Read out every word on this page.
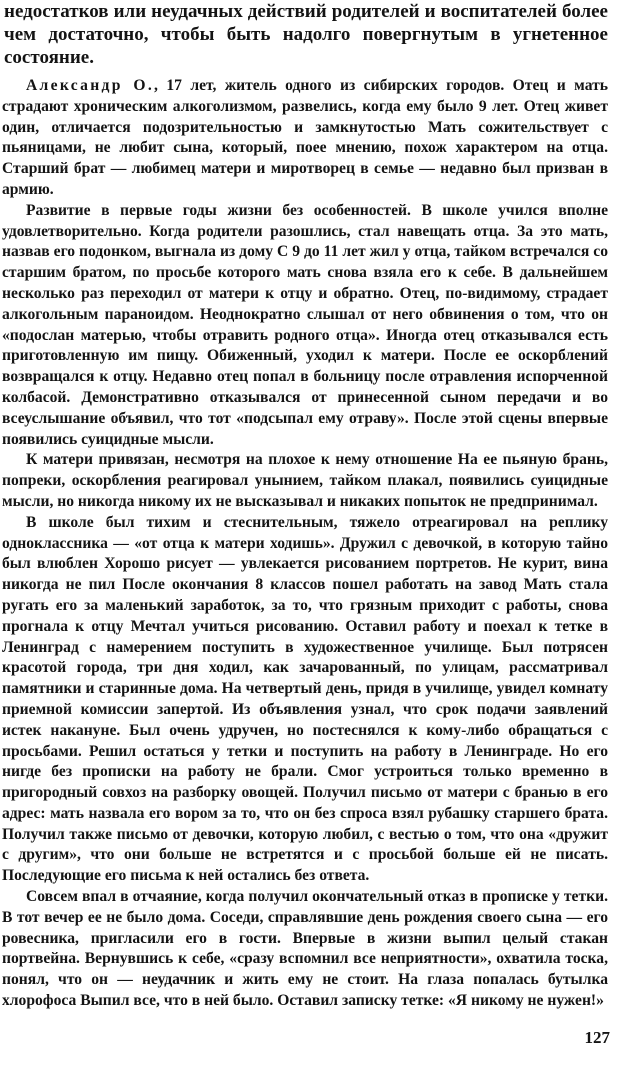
недостатков или неудачных действий родителей и воспитателей более чем достаточно, чтобы быть надолго повергнутым в угнетенное состояние.

Александр О., 17 лет, житель одного из сибирских городов. Отец и мать страдают хроническим алкоголизмом, развелись, когда ему было 9 лет. Отец живет один, отличается подозрительностью и замкнутостью Мать сожительствует с пьяницами, не любит сына, который, поее мнению, похож характером на отца. Старший брат — любимец матери и миротворец в семье — недавно был призван в армию.

Развитие в первые годы жизни без особенностей. В школе учился вполне удовлетворительно. Когда родители разошлись, стал навещать отца. За это мать, назвав его подонком, выгнала из дому С 9 до 11 лет жил у отца, тайком встречался со старшим братом, по просьбе которого мать снова взяла его к себе. В дальнейшем несколько раз переходил от матери к отцу и обратно. Отец, по-видимому, страдает алкогольным параноидом. Неоднократно слышал от него обвинения о том, что он «подослан матерью, чтобы отравить родного отца». Иногда отец отказывался есть приготовленную им пищу. Обиженный, уходил к матери. После ее оскорблений возвращался к отцу. Недавно отец попал в больницу после отравления испорченной колбасой. Демонстративно отказывался от принесенной сыном передачи и во всеуслышание объявил, что тот «подсыпал ему отраву». После этой сцены впервые появились суицидные мысли.

К матери привязан, несмотря на плохое к нему отношение На ее пьяную брань, попреки, оскорбления реагировал унынием, тайком плакал, появились суицидные мысли, но никогда никому их не высказывал и никаких попыток не предпринимал.

В школе был тихим и стеснительным, тяжело отреагировал на реплику одноклассника — «от отца к матери ходишь». Дружил с девочкой, в которую тайно был влюблен Хорошо рисует — увлекается рисованием портретов. Не курит, вина никогда не пил После окончания 8 классов пошел работать на завод Мать стала ругать его за маленький заработок, за то, что грязным приходит с работы, снова прогнала к отцу Мечтал учиться рисованию. Оставил работу и поехал к тетке в Ленинград с намерением поступить в художественное училище. Был потрясен красотой города, три дня ходил, как зачарованный, по улицам, рассматривал памятники и старинные дома. На четвертый день, придя в училище, увидел комнату приемной комиссии запертой. Из объявления узнал, что срок подачи заявлений истек накануне. Был очень удручен, но постеснялся к кому-либо обращаться с просьбами. Решил остаться у тетки и поступить на работу в Ленинграде. Но его нигде без прописки на работу не брали. Смог устроиться только временно в пригородный совхоз на разборку овощей. Получил письмо от матери с бранью в его адрес: мать назвала его вором за то, что он без спроса взял рубашку старшего брата. Получил также письмо от девочки, которую любил, с вестью о том, что она «дружит с другим», что они больше не встретятся и с просьбой больше ей не писать. Последующие его письма к ней остались без ответа.

Совсем впал в отчаяние, когда получил окончательный отказ в прописке у тетки. В тот вечер ее не было дома. Соседи, справлявшие день рождения своего сына — его ровесника, пригласили его в гости. Впервые в жизни выпил целый стакан портвейна. Вернувшись к себе, «сразу вспомнил все неприятности», охватила тоска, понял, что он — неудачник и жить ему не стоит. На глаза попалась бутылка хлорофоса Выпил все, что в ней было. Оставил записку тетке: «Я никому не нужен!»

127
